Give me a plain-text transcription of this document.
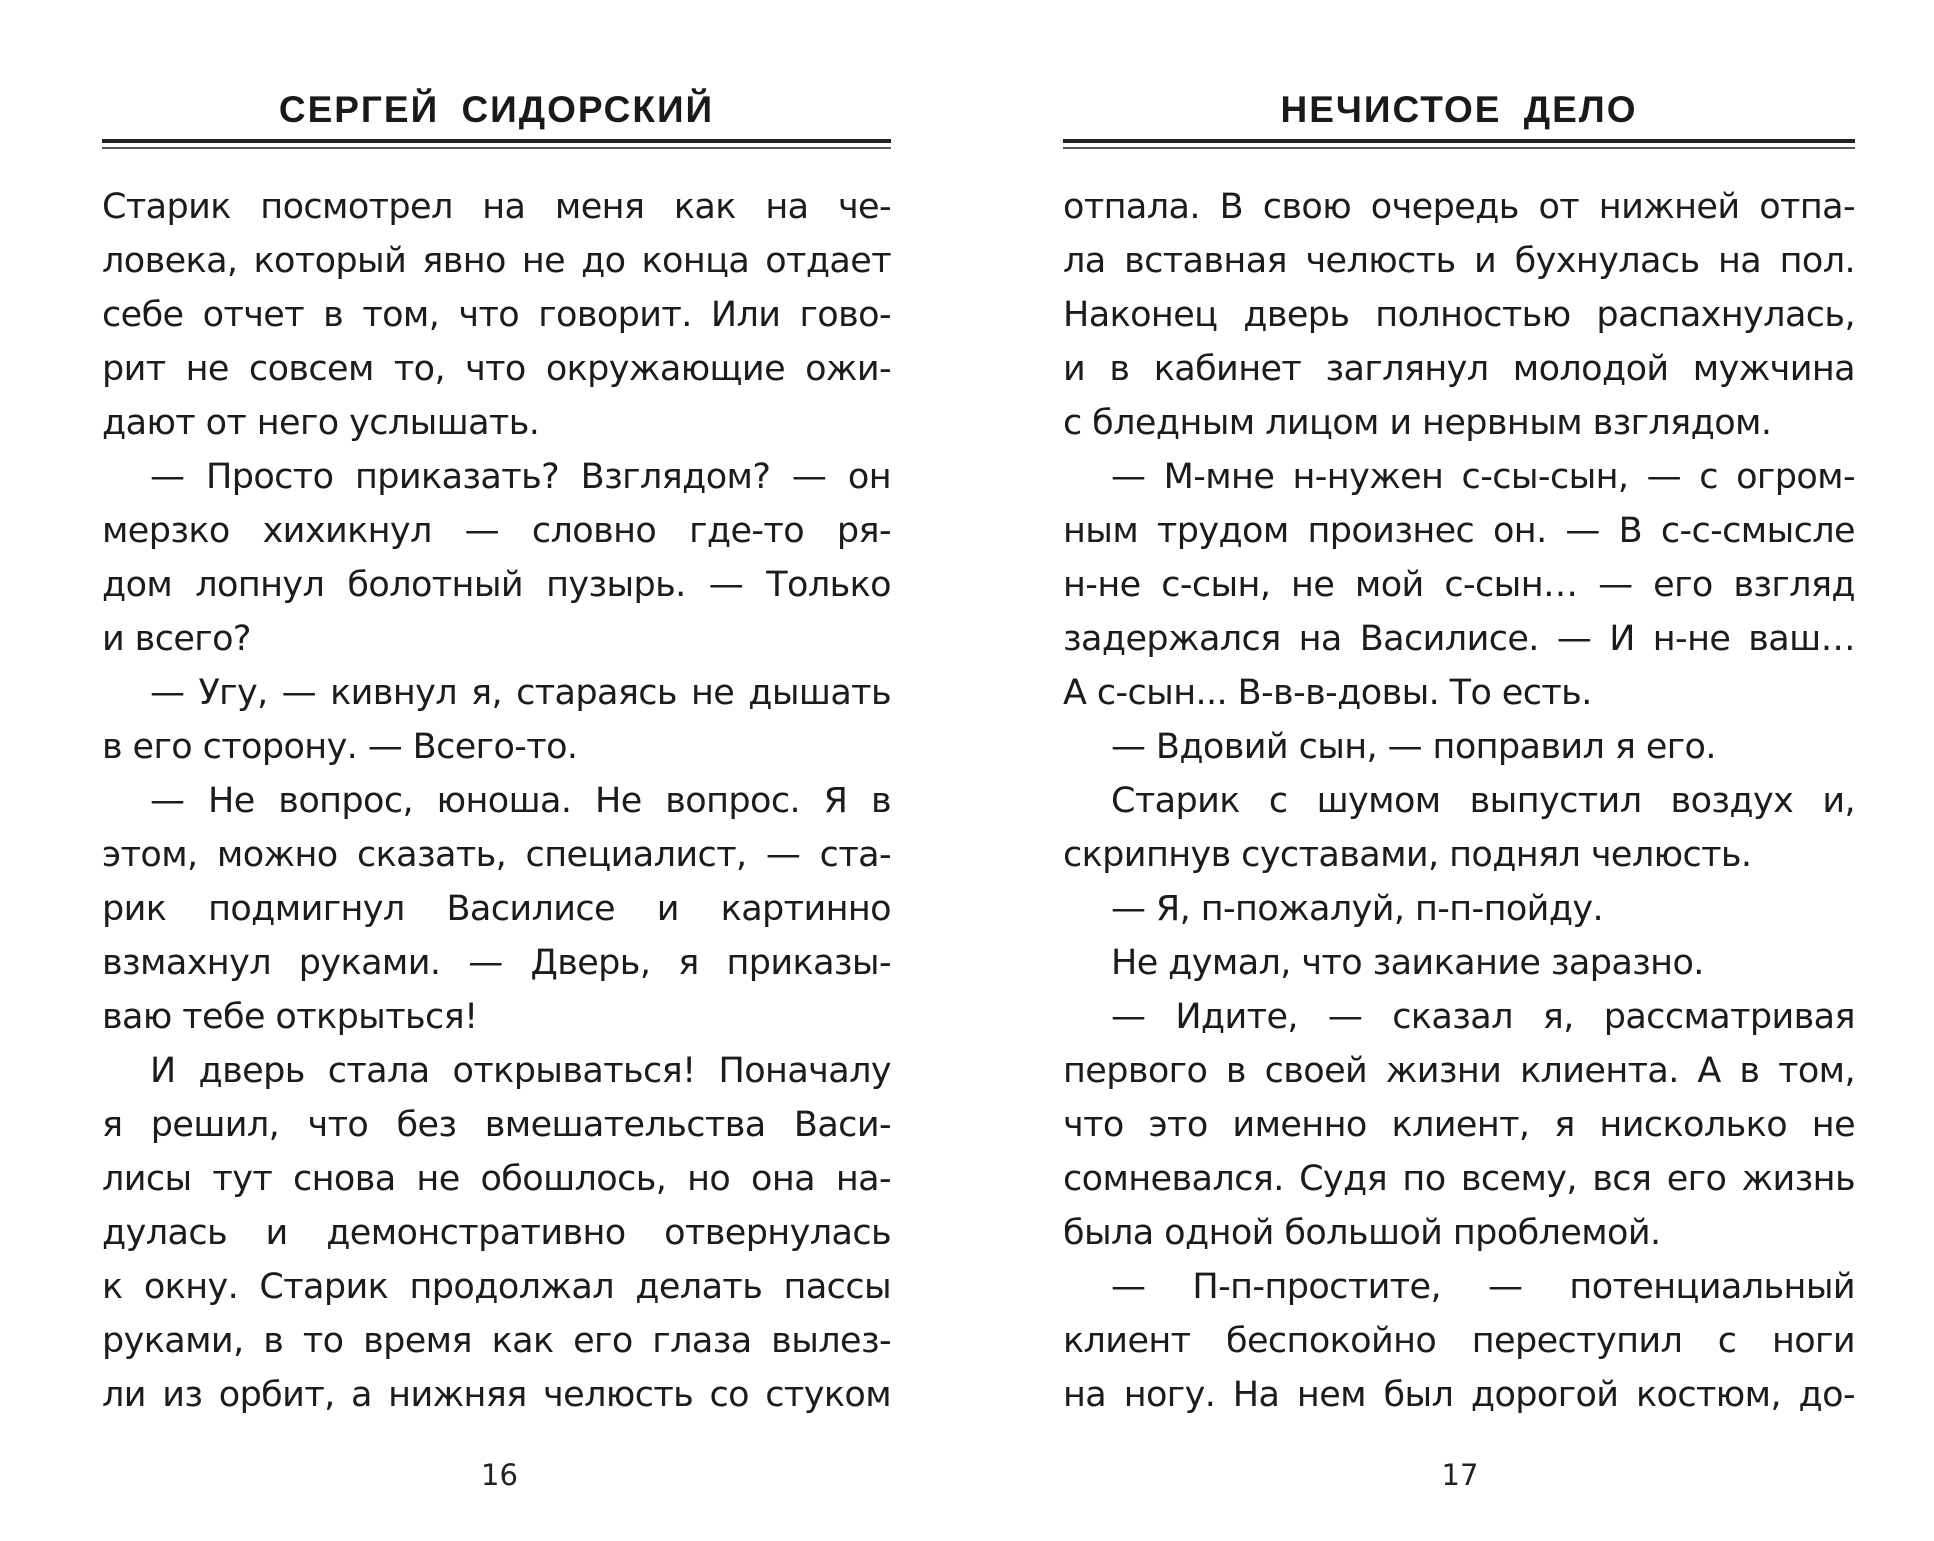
СЕРГЕЙ СИДОРСКИЙ
Старик посмотрел на меня как на че-
ловека, который явно не до конца отдает
себе отчет в том, что говорит. Или гово-
рит не совсем то, что окружающие ожи-
дают от него услышать.
— Просто приказать? Взглядом? — он
мерзко хихикнул — словно где-то ря-
дом лопнул болотный пузырь. — Только
и всего?
— Угу, — кивнул я, стараясь не дышать
в его сторону. — Всего-то.
— Не вопрос, юноша. Не вопрос. Я в
этом, можно сказать, специалист, — ста-
рик подмигнул Василисе и картинно
взмахнул руками. — Дверь, я приказы-
ваю тебе открыться!
И дверь стала открываться! Поначалу
я решил, что без вмешательства Васи-
лисы тут снова не обошлось, но она на-
дулась и демонстративно отвернулась
к окну. Старик продолжал делать пассы
руками, в то время как его глаза вылез-
ли из орбит, а нижняя челюсть со стуком
16
НЕЧИСТОЕ ДЕЛО
отпала. В свою очередь от нижней отпа-
ла вставная челюсть и бухнулась на пол.
Наконец дверь полностью распахнулась,
и в кабинет заглянул молодой мужчина
с бледным лицом и нервным взглядом.
— М-мне н-нужен с-сы-сын, — с огром-
ным трудом произнес он. — В с-с-смысле
н-не с-сын, не мой с-сын… — его взгляд
задержался на Василисе. — И н-не ваш…
А с-сын... В-в-в-довы. То есть.
— Вдовий сын, — поправил я его.
Старик с шумом выпустил воздух и,
скрипнув суставами, поднял челюсть.
— Я, п-пожалуй, п-п-пойду.
Не думал, что заикание заразно.
— Идите, — сказал я, рассматривая
первого в своей жизни клиента. А в том,
что это именно клиент, я нисколько не
сомневался. Судя по всему, вся его жизнь
была одной большой проблемой.
— П-п-простите, — потенциальный
клиент беспокойно переступил с ноги
на ногу. На нем был дорогой костюм, до-
17
